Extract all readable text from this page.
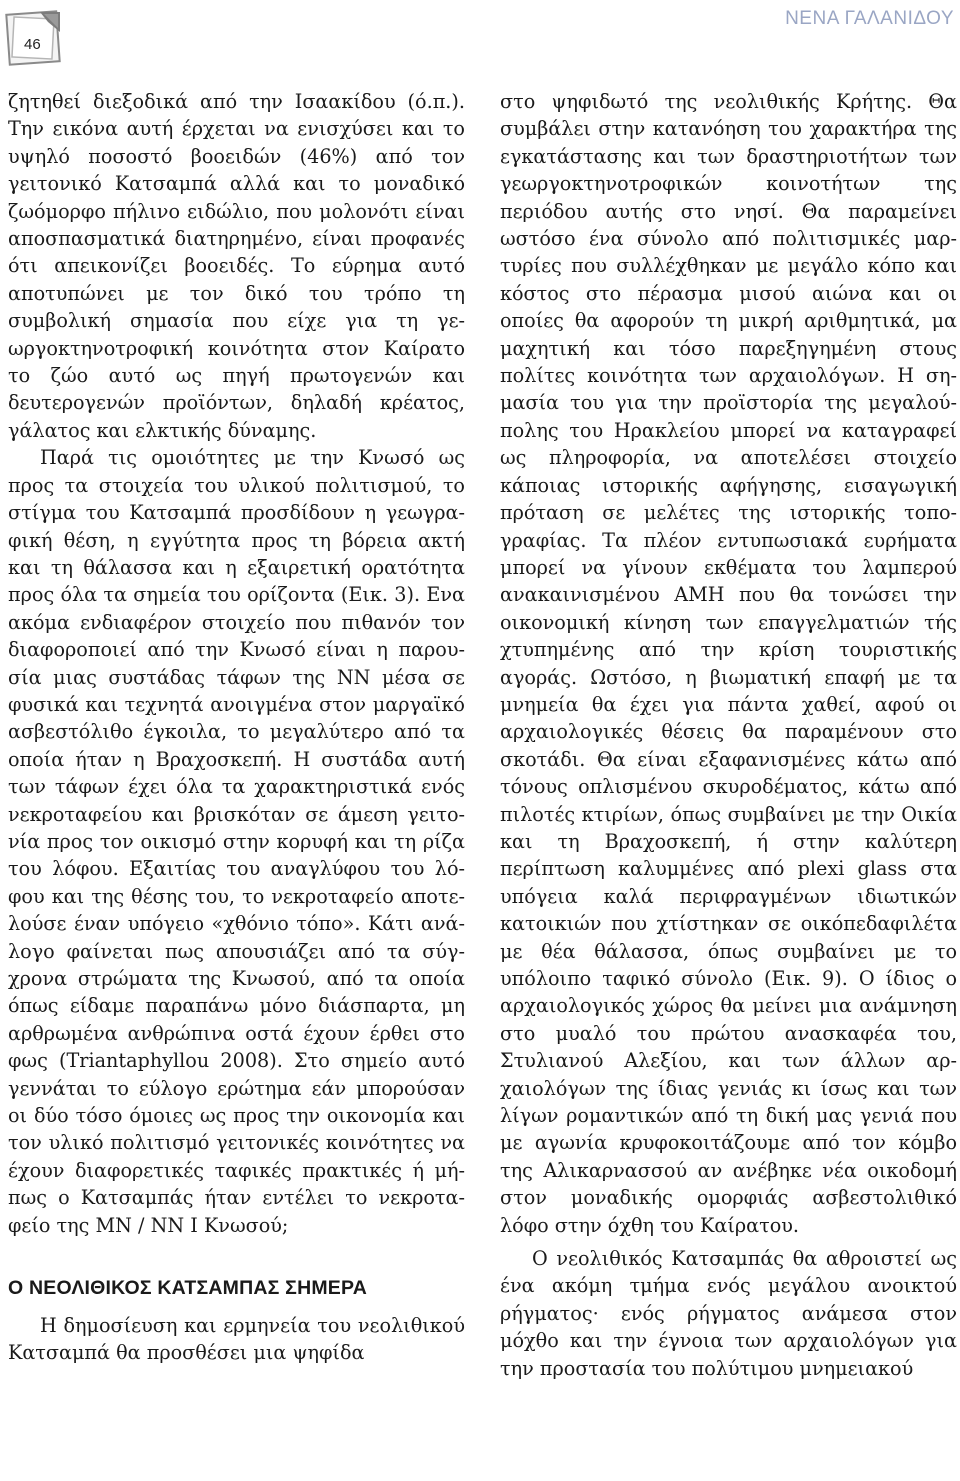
46
ΝΕΝΑ ΓΑΛΑΝΙΔΟΥ

ζητηθεί διεξοδικά από την Ισαακίδου (ό.π.). Την εικόνα αυτή έρχεται να ενισχύσει και το υψηλό ποσοστό βοοειδών (46%) από τον γειτονικό Κατσαμπά αλλά και το μοναδικό ζωόμορφο πήλινο ειδώλιο, που μολονότι είναι αποσπασματικά διατηρημένο, είναι προφανές ότι απεικονίζει βοοειδές. Το εύρημα αυτό αποτυπώνει με τον δικό του τρόπο τη συμβολική σημασία που είχε για τη γεωργοκτηνοτροφική κοινότητα στον Καίρατο το ζώο αυτό ως πηγή πρωτογενών και δευτερογενών προϊόντων, δηλαδή κρέατος, γάλατος και ελκτικής δύναμης.

Παρά τις ομοιότητες με την Κνωσό ως προς τα στοιχεία του υλικού πολιτισμού, το στίγμα του Κατσαμπά προσδίδουν η γεωγραφική θέση, η εγγύτητα προς τη βόρεια ακτή και τη θάλασσα και η εξαιρετική ορατότητα προς όλα τα σημεία του ορίζοντα (Εικ. 3). Ενα ακόμα ενδιαφέρον στοιχείο που πιθανόν τον διαφοροποιεί από την Κνωσό είναι η παρουσία μιας συστάδας τάφων της ΝΝ μέσα σε φυσικά και τεχνητά ανοιγμένα στον μαργαϊκό ασβεστόλιθο έγκοιλα, το μεγαλύτερο από τα οποία ήταν η Βραχοσκεπή. Η συστάδα αυτή των τάφων έχει όλα τα χαρακτηριστικά ενός νεκροταφείου και βρισκόταν σε άμεση γειτονία προς τον οικισμό στην κορυφή και τη ρίζα του λόφου. Εξαιτίας του αναγλύφου του λόφου και της θέσης του, το νεκροταφείο αποτελούσε έναν υπόγειο «χθόνιο τόπο». Κάτι ανάλογο φαίνεται πως απουσιάζει από τα σύγχρονα στρώματα της Κνωσού, από τα οποία όπως είδαμε παραπάνω μόνο διάσπαρτα, μη αρθρωμένα ανθρώπινα οστά έχουν έρθει στο φως (Triantaphyllou 2008). Στο σημείο αυτό γεννάται το εύλογο ερώτημα εάν μπορούσαν οι δύο τόσο όμοιες ως προς την οικονομία και τον υλικό πολιτισμό γειτονικές κοινότητες να έχουν διαφορετικές ταφικές πρακτικές ή μήπως ο Κατσαμπάς ήταν εντέλει το νεκροταφείο της ΜΝ / ΝΝ Ι Κνωσού;

Ο ΝΕΟΛΙΘΙΚΟΣ ΚΑΤΣΑΜΠΑΣ ΣΗΜΕΡΑ

Η δημοσίευση και ερμηνεία του νεολιθικού Κατσαμπά θα προσθέσει μια ψηφίδα

στο ψηφιδωτό της νεολιθικής Κρήτης. Θα συμβάλει στην κατανόηση του χαρακτήρα της εγκατάστασης και των δραστηριοτήτων των γεωργοκτηνοτροφικών κοινοτήτων της περιόδου αυτής στο νησί. Θα παραμείνει ωστόσο ένα σύνολο από πολιτισμικές μαρτυρίες που συλλέχθηκαν με μεγάλο κόπο και κόστος στο πέρασμα μισού αιώνα και οι οποίες θα αφορούν τη μικρή αριθμητικά, μα μαχητική και τόσο παρεξηγημένη στους πολίτες κοινότητα των αρχαιολόγων. Η σημασία του για την προϊστορία της μεγαλούπολης του Ηρακλείου μπορεί να καταγραφεί ως πληροφορία, να αποτελέσει στοιχείο κάποιας ιστορικής αφήγησης, εισαγωγική πρόταση σε μελέτες της ιστορικής τοπογραφίας. Τα πλέον εντυπωσιακά ευρήματα μπορεί να γίνουν εκθέματα του λαμπερού ανακαινισμένου ΑΜΗ που θα τονώσει την οικονομική κίνηση των επαγγελματιών τής χτυπημένης από την κρίση τουριστικής αγοράς. Ωστόσο, η βιωματική επαφή με τα μνημεία θα έχει για πάντα χαθεί, αφού οι αρχαιολογικές θέσεις θα παραμένουν στο σκοτάδι. Θα είναι εξαφανισμένες κάτω από τόνους οπλισμένου σκυροδέματος, κάτω από πιλοτές κτιρίων, όπως συμβαίνει με την Οικία και τη Βραχοσκεπή, ή στην καλύτερη περίπτωση καλυμμένες από plexi glass στα υπόγεια καλά περιφραγμένων ιδιωτικών κατοικιών που χτίστηκαν σε οικόπεδαφιλέτα με θέα θάλασσα, όπως συμβαίνει με το υπόλοιπο ταφικό σύνολο (Εικ. 9). Ο ίδιος ο αρχαιολογικός χώρος θα μείνει μια ανάμνηση στο μυαλό του πρώτου ανασκαφέα του, Στυλιανού Αλεξίου, και των άλλων αρχαιολόγων της ίδιας γενιάς κι ίσως και των λίγων ρομαντικών από τη δική μας γενιά που με αγωνία κρυφοκοιτάζουμε από τον κόμβο της Αλικαρνασσού αν ανέβηκε νέα οικοδομή στον μοναδικής ομορφιάς ασβεστολιθικό λόφο στην όχθη του Καίρατου.

Ο νεολιθικός Κατσαμπάς θα αθροιστεί ως ένα ακόμη τμήμα ενός μεγάλου ανοικτού ρήγματος· ενός ρήγματος ανάμεσα στον μόχθο και την έγνοια των αρχαιολόγων για την προστασία του πολύτιμου μνημειακού
